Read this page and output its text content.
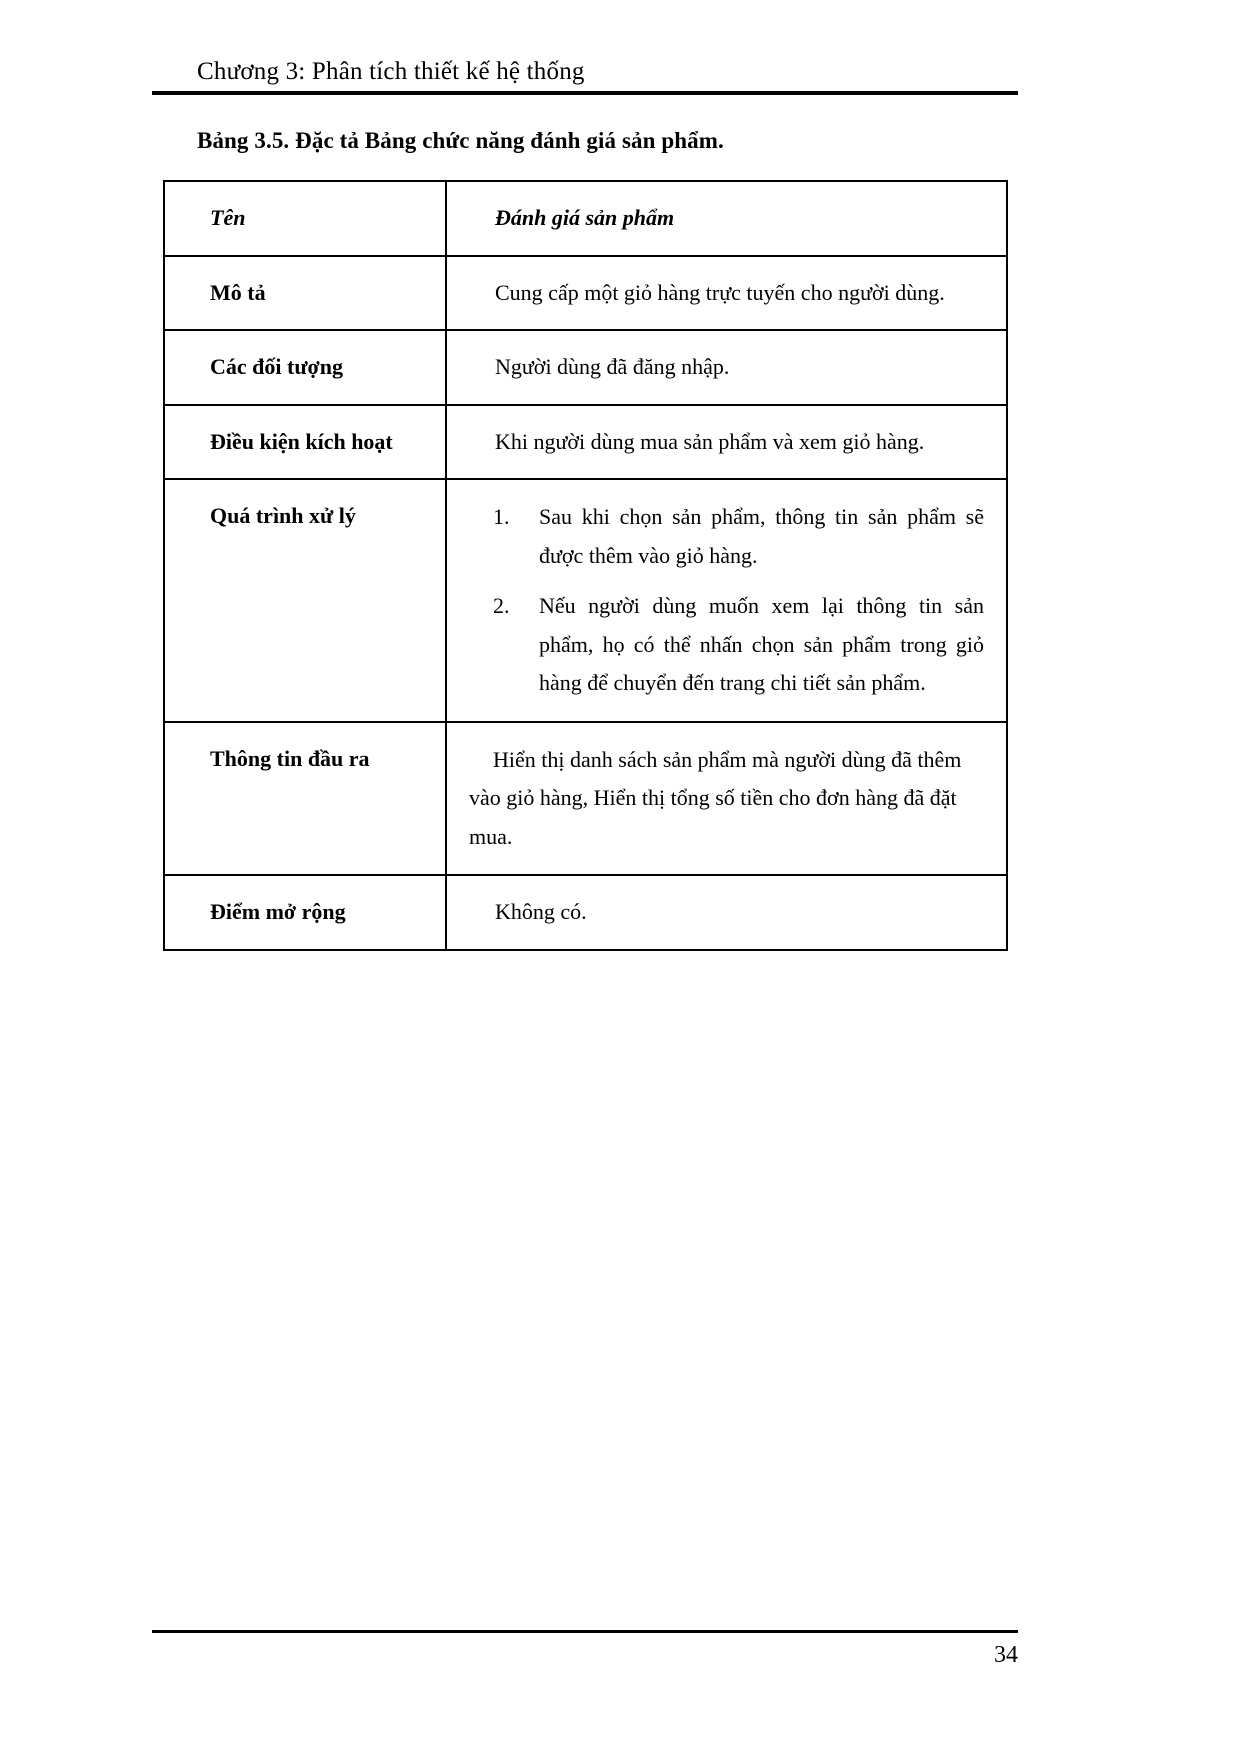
Chương 3: Phân tích thiết kế hệ thống
Bảng 3.5. Đặc tả Bảng chức năng đánh giá sản phẩm.
Tên	Đánh giá sản phẩm

Mô tả	Cung cấp một giỏ hàng trực tuyến cho người dùng.

Các đối tượng	Người dùng đã đăng nhập.

Điều kiện kích hoạt	Khi người dùng mua sản phẩm và xem giỏ hàng.

Quá trình xử lý	1.	Sau khi chọn sản phẩm, thông tin sản phẩm sẽ được thêm vào giỏ hàng.
2.	Nếu người dùng muốn xem lại thông tin sản phẩm, họ có thể nhấn chọn sản phẩm trong giỏ hàng để chuyển đến trang chi tiết sản phẩm.

Thông tin đầu ra	Hiển thị danh sách sản phẩm mà người dùng đã thêm vào giỏ hàng, Hiển thị tổng số tiền cho đơn hàng đã đặt mua.

Điểm mở rộng	Không có.
34
